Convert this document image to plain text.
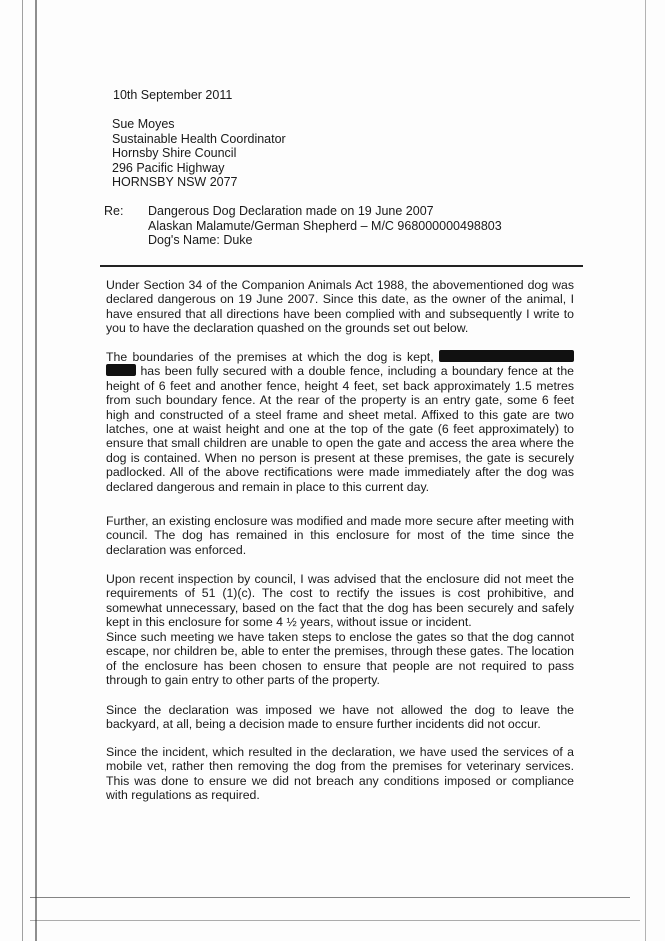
10th September 2011
Sue Moyes
Sustainable Health Coordinator
Hornsby Shire Council
296 Pacific Highway
HORNSBY NSW 2077
Re:	Dangerous Dog Declaration made on 19 June 2007
Alaskan Malamute/German Shepherd – M/C 968000000498803
Dog's Name: Duke
Under Section 34 of the Companion Animals Act 1988, the abovementioned dog was declared dangerous on 19 June 2007. Since this date, as the owner of the animal, I have ensured that all directions have been complied with and subsequently I write to you to have the declaration quashed on the grounds set out below.
The boundaries of the premises at which the dog is kept,   has been fully secured with a double fence, including a boundary fence at the height of 6 feet and another fence, height 4 feet, set back approximately 1.5 metres from such boundary fence. At the rear of the property is an entry gate, some 6 feet high and constructed of a steel frame and sheet metal. Affixed to this gate are two latches, one at waist height and one at the top of the gate (6 feet approximately) to ensure that small children are unable to open the gate and access the area where the dog is contained. When no person is present at these premises, the gate is securely padlocked. All of the above rectifications were made immediately after the dog was declared dangerous and remain in place to this current day.
Further, an existing enclosure was modified and made more secure after meeting with council. The dog has remained in this enclosure for most of the time since the declaration was enforced.
Upon recent inspection by council, I was advised that the enclosure did not meet the requirements of 51 (1)(c). The cost to rectify the issues is cost prohibitive, and somewhat unnecessary, based on the fact that the dog has been securely and safely kept in this enclosure for some 4 ½ years, without issue or incident.
Since such meeting we have taken steps to enclose the gates so that the dog cannot escape, nor children be, able to enter the premises, through these gates. The location of the enclosure has been chosen to ensure that people are not required to pass through to gain entry to other parts of the property.
Since the declaration was imposed we have not allowed the dog to leave the backyard, at all, being a decision made to ensure further incidents did not occur.
Since the incident, which resulted in the declaration, we have used the services of a mobile vet, rather then removing the dog from the premises for veterinary services. This was done to ensure we did not breach any conditions imposed or compliance with regulations as required.
